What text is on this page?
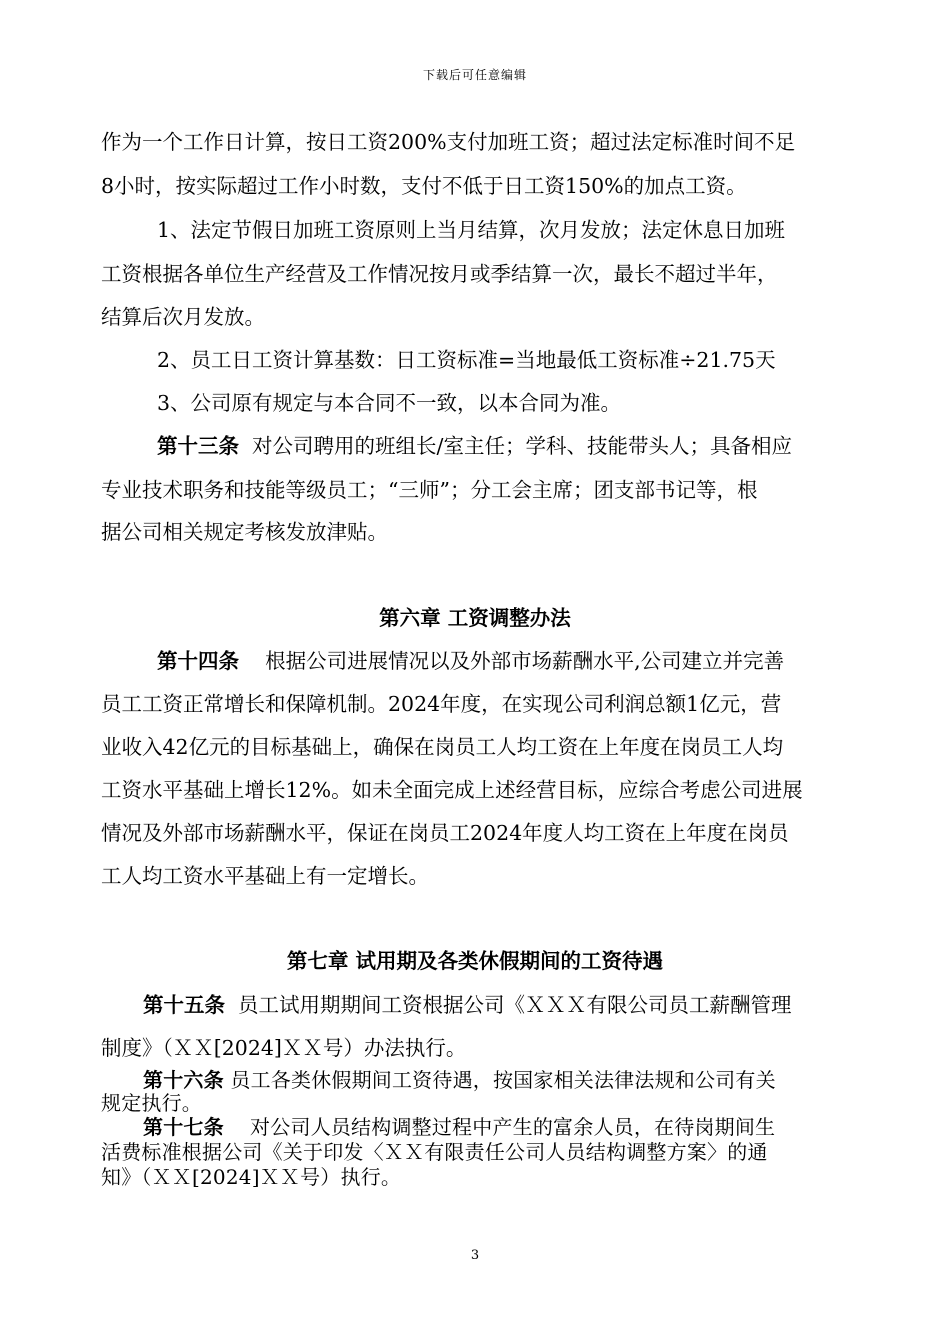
下载后可任意编辑
作为一个工作日计算，按日工资200%支付加班工资；超过法定标准时间不足
8小时，按实际超过工作小时数，支付不低于日工资150%的加点工资。
1、法定节假日加班工资原则上当月结算，次月发放；法定休息日加班
工资根据各单位生产经营及工作情况按月或季结算一次，最长不超过半年，
结算后次月发放。
2、员工日工资计算基数：日工资标准=当地最低工资标准÷21.75天
3、公司原有规定与本合同不一致，以本合同为准。
第十三条 对公司聘用的班组长/室主任；学科、技能带头人；具备相应
专业技术职务和技能等级员工；“三师”；分工会主席；团支部书记等，根
据公司相关规定考核发放津贴。
第六章 工资调整办法
第十四条 根据公司进展情况以及外部市场薪酬水平,公司建立并完善
员工工资正常增长和保障机制。2024年度，在实现公司利润总额1亿元，营
业收入42亿元的目标基础上，确保在岗员工人均工资在上年度在岗员工人均
工资水平基础上增长12%。如未全面完成上述经营目标，应综合考虑公司进展
情况及外部市场薪酬水平，保证在岗员工2024年度人均工资在上年度在岗员
工人均工资水平基础上有一定增长。
第七章 试用期及各类休假期间的工资待遇
第十五条 员工试用期期间工资根据公司《ＸＸＸ有限公司员工薪酬管理
制度》（ＸＸ[2024]ＸＸ号）办法执行。
第十六条 员工各类休假期间工资待遇，按国家相关法律法规和公司有关
规定执行。
第十七条 对公司人员结构调整过程中产生的富余人员，在待岗期间生
活费标准根据公司《关于印发〈ＸＸ有限责任公司人员结构调整方案〉的通
知》（ＸＸ[2024]ＸＸ号）执行。
3
